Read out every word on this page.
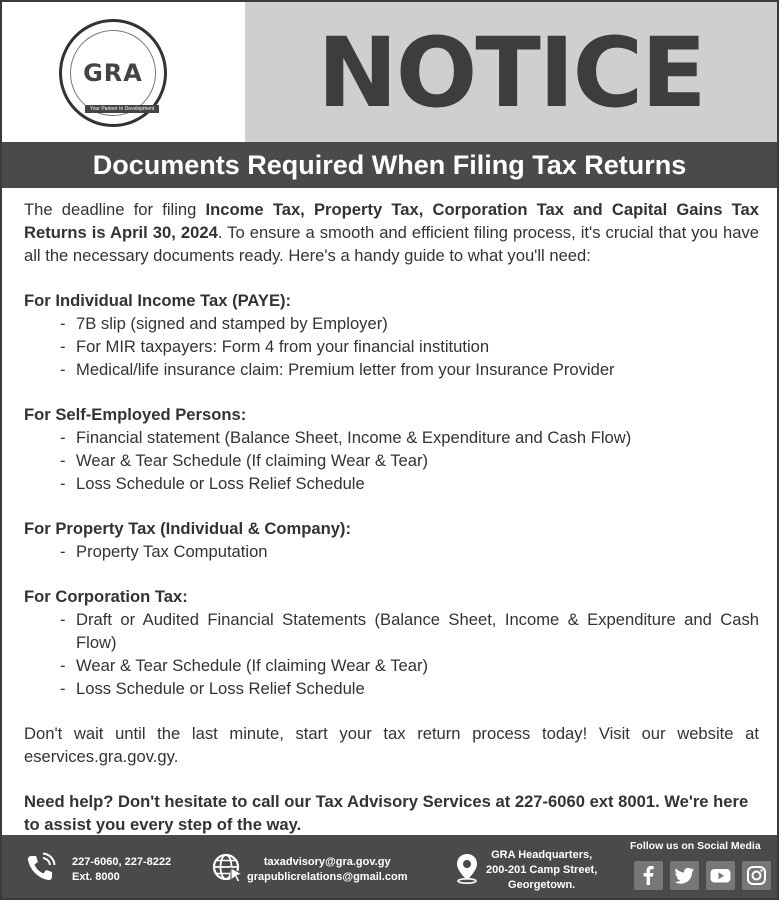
GRA
Your Partner In Development	NOTICE
Documents Required When Filing Tax Returns

The deadline for filing Income Tax, Property Tax, Corporation Tax and Capital Gains Tax Returns is April 30, 2024. To ensure a smooth and efficient filing process, it's crucial that you have all the necessary documents ready. Here's a handy guide to what you'll need:

For Individual Income Tax (PAYE):
- 7B slip (signed and stamped by Employer)
- For MIR taxpayers: Form 4 from your financial institution
- Medical/life insurance claim: Premium letter from your Insurance Provider
For Self-Employed Persons:
- Financial statement (Balance Sheet, Income & Expenditure and Cash Flow)
- Wear & Tear Schedule (If claiming Wear & Tear)
- Loss Schedule or Loss Relief Schedule
For Property Tax (Individual & Company):
- Property Tax Computation
For Corporation Tax:
- Draft or Audited Financial Statements (Balance Sheet, Income & Expenditure and Cash Flow)
- Wear & Tear Schedule (If claiming Wear & Tear)
- Loss Schedule or Loss Relief Schedule

Don't wait until the last minute, start your tax return process today! Visit our website at eservices.gra.gov.gy.

Need help? Don't hesitate to call our Tax Advisory Services at 227-6060 ext 8001. We're here to assist you every step of the way.

227-6060, 227-8222
Ext. 8000
taxadvisory@gra.gov.gy
grapublicrelations@gmail.com
GRA Headquarters,
200-201 Camp Street,
Georgetown.
Follow us on Social Media
